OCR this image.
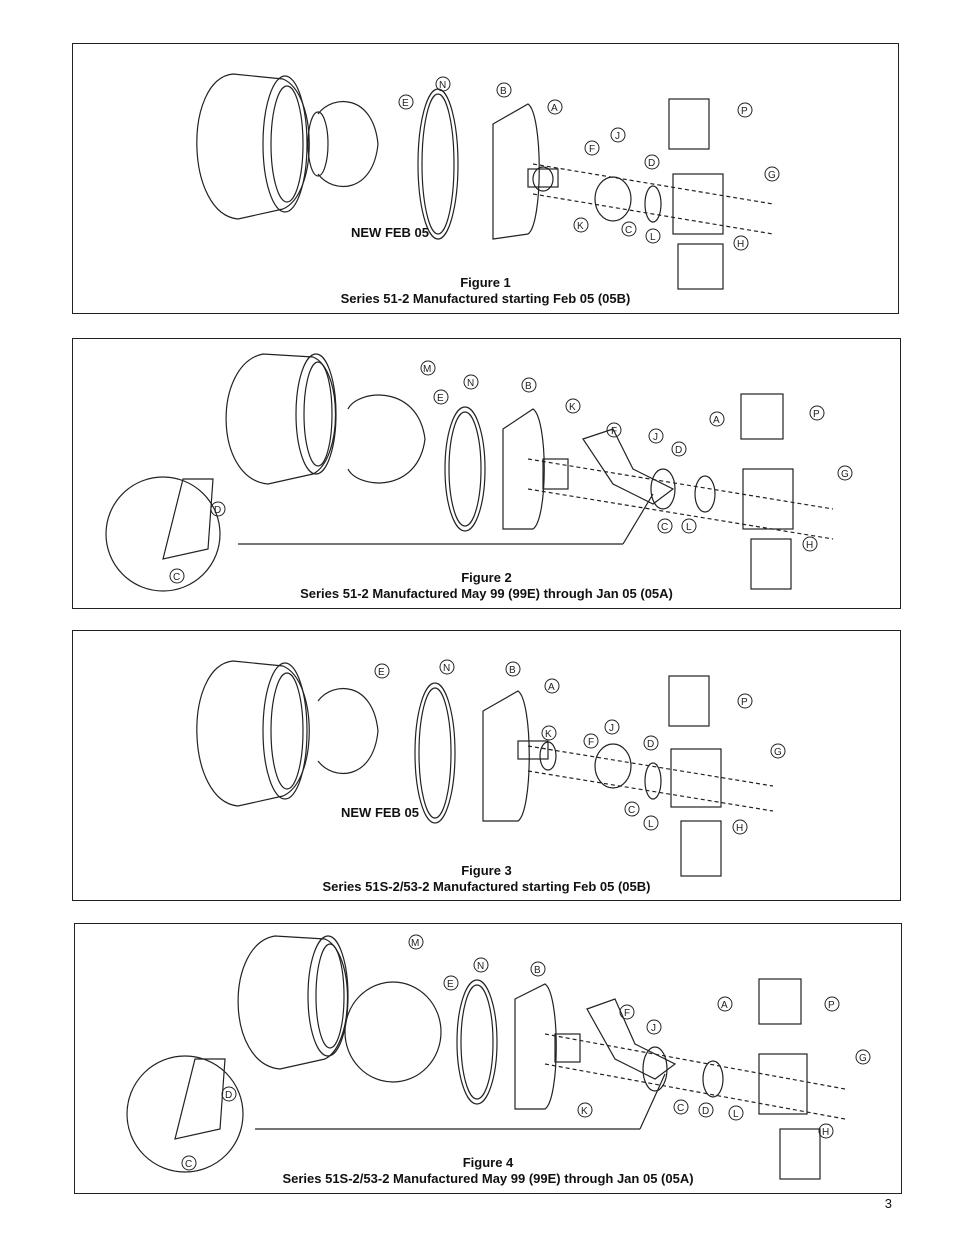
E
N
B
A
J
F
D
P
G
K	C
L
H
NEW FEB 05
Figure 1
Series 51-2 Manufactured starting Feb 05 (05B)
M
E
N	B
K
F
J
A
D
P
G
C L
H
D
C	Figure 2
Series 51-2 Manufactured May 99 (99E) through Jan 05 (05A)
E	N	B
A
K
J
F	D
P
G
C
L	H
NEW FEB 05
Figure 3
Series 51S-2/53-2 Manufactured starting Feb 05 (05B)
M
E
N	B
F
J
A	P
G
K	C D L
H
D
C	Figure 4
Series 51S-2/53-2 Manufactured May 99 (99E) through Jan 05 (05A)
3
